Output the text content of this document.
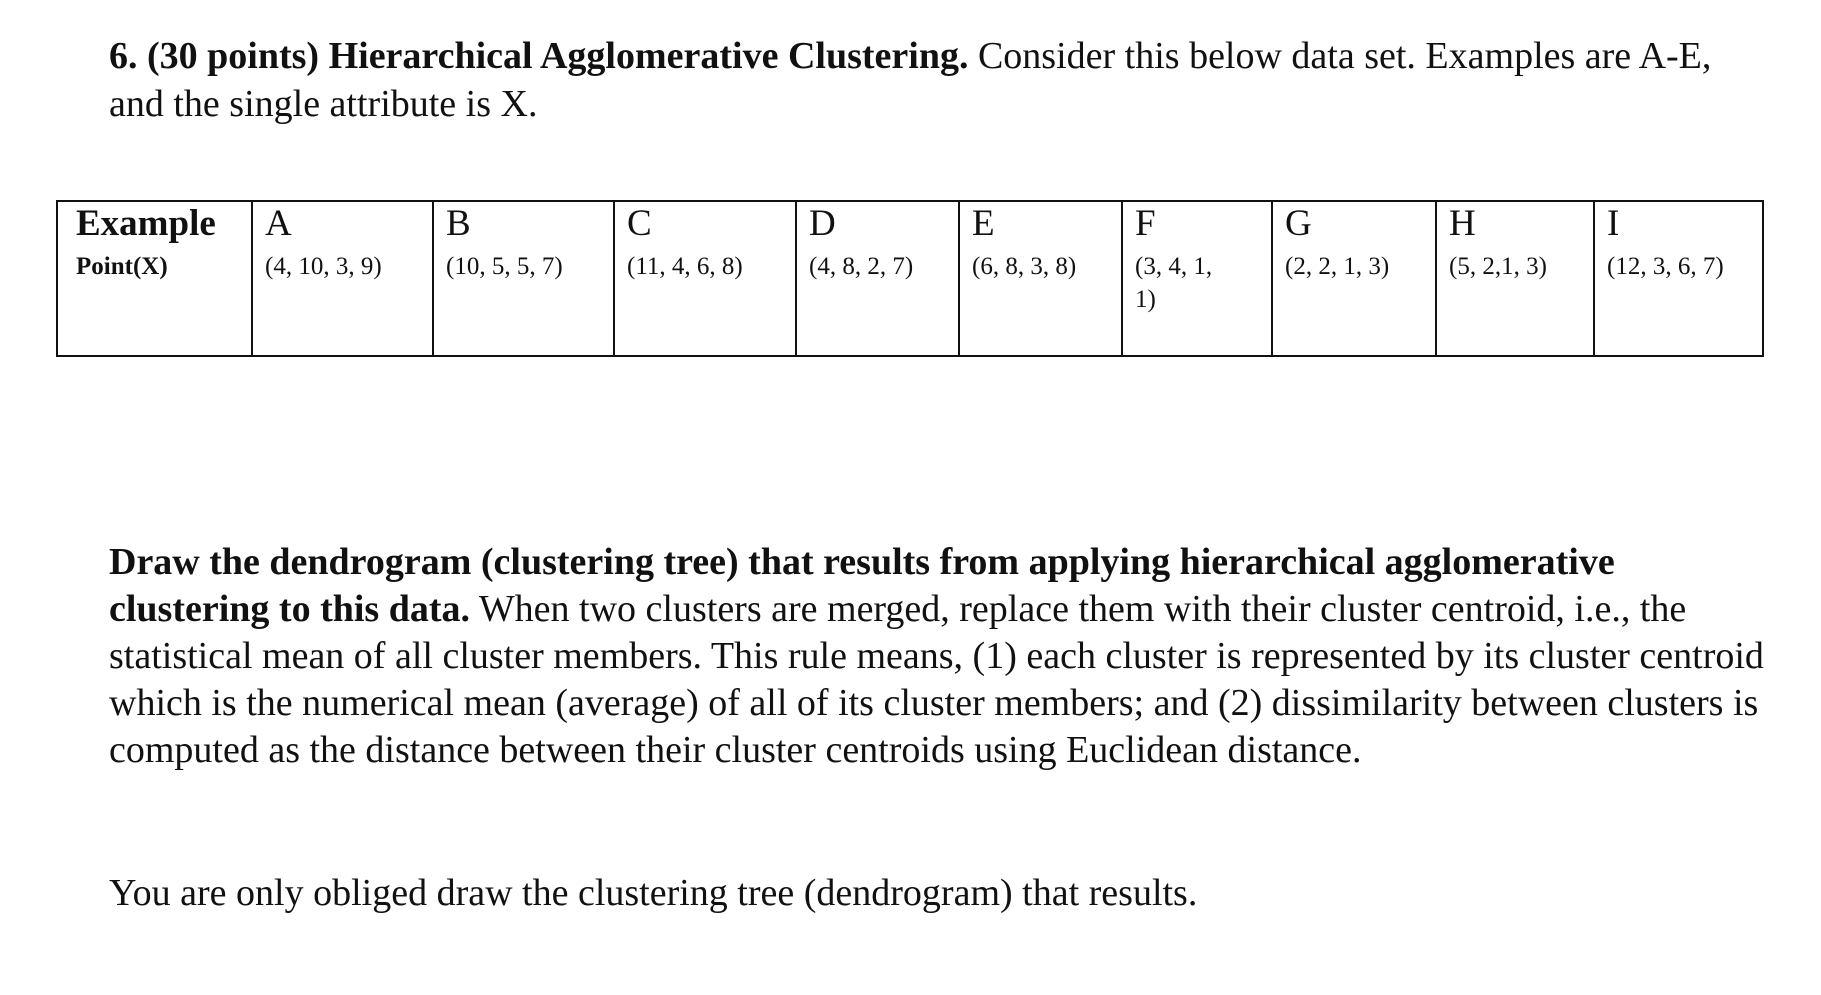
6. (30 points) Hierarchical Agglomerative Clustering. Consider this below data set. Examples are A-E, and the single attribute is X.
Example	A	B	C	D	E	F	G	H	I
Point(X)	(4, 10, 3, 9)	(10, 5, 5, 7)	(11, 4, 6, 8)	(4, 8, 2, 7)	(6, 8, 3, 8)	(3, 4, 1, 1)	(2, 2, 1, 3)	(5, 2,1, 3)	(12, 3, 6, 7)
Draw the dendrogram (clustering tree) that results from applying hierarchical agglomerative clustering to this data. When two clusters are merged, replace them with their cluster centroid, i.e., the statistical mean of all cluster members. This rule means, (1) each cluster is represented by its cluster centroid which is the numerical mean (average) of all of its cluster members; and (2) dissimilarity between clusters is computed as the distance between their cluster centroids using Euclidean distance.
You are only obliged draw the clustering tree (dendrogram) that results.
